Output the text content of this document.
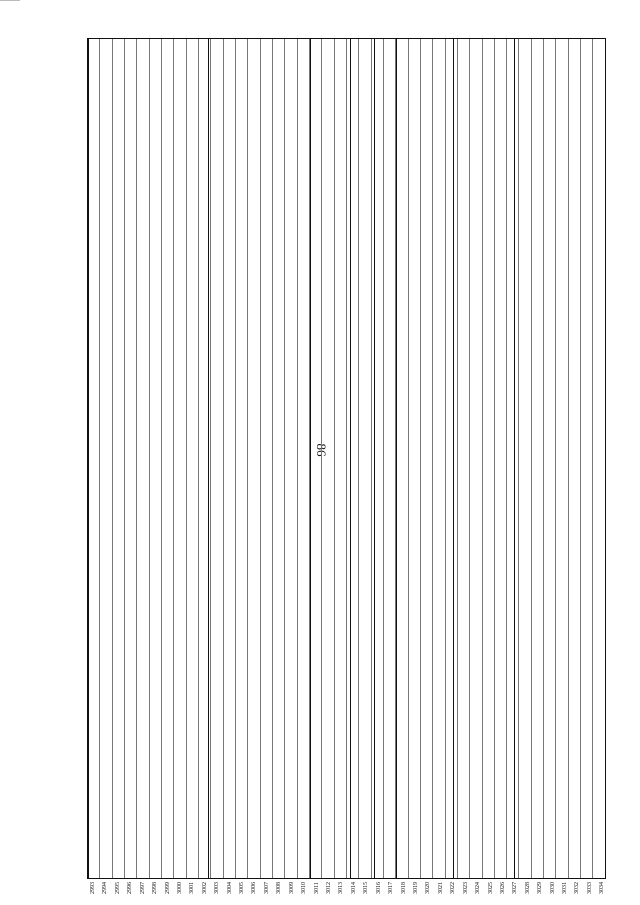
86
2993	2994	2995	2996	2997	2998	2999	3000	3001	3002	3003	3004	3005	3006	3007	3008	3009	3010	3011	3012	3013	3014	3015	3016	3017	3018	3019	3020	3021	3022	3023	3024	3025	3026	3027	3028	3029	3030	3031	3032	3033	3034
